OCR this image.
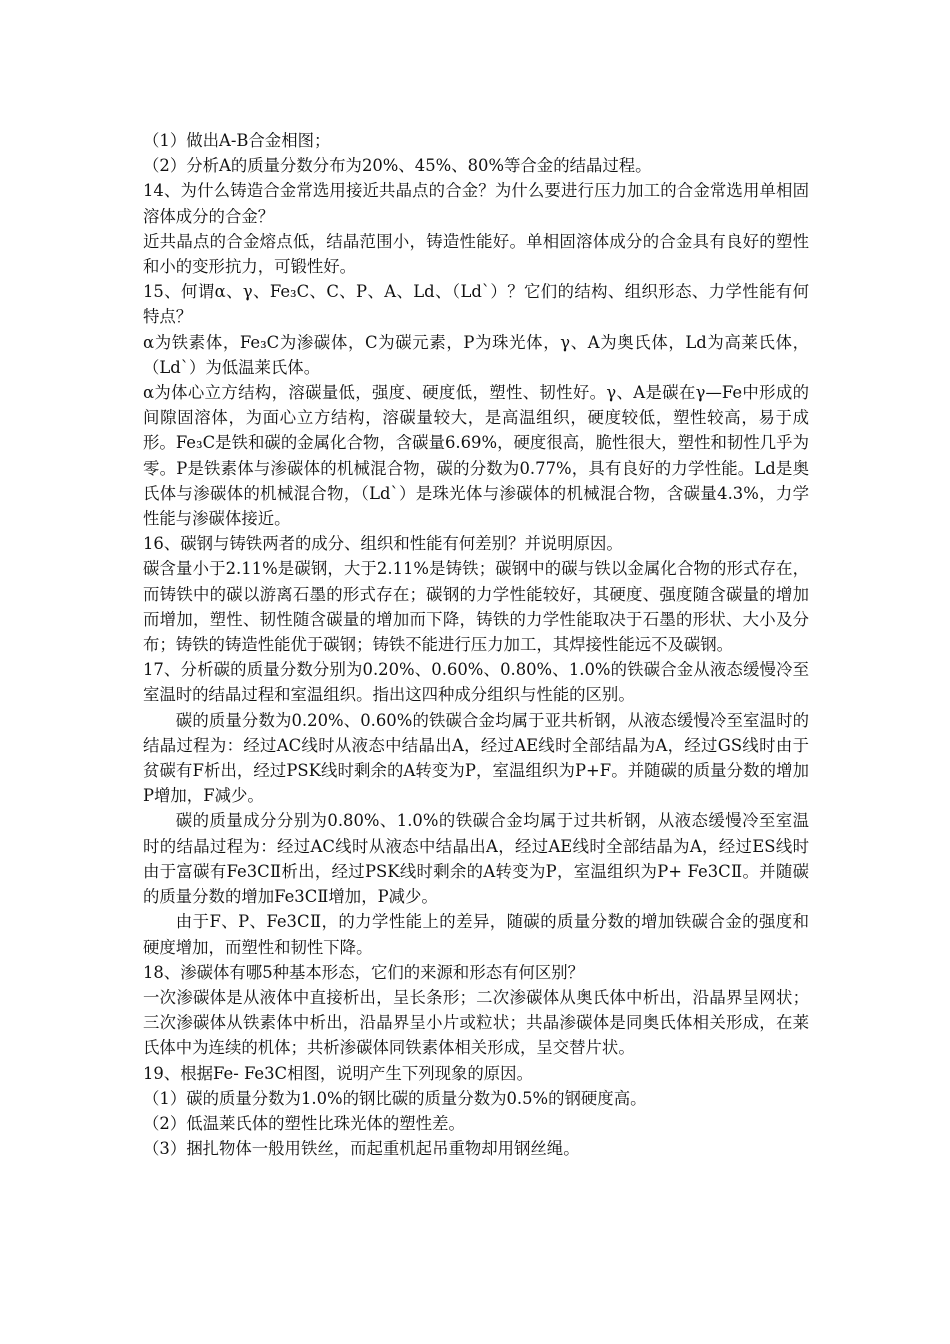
（1）做出A-B合金相图；

（2）分析A的质量分数分布为20%、45%、80%等合金的结晶过程。

14、为什么铸造合金常选用接近共晶点的合金？为什么要进行压力加工的合金常选用单相固溶体成分的合金？

近共晶点的合金熔点低，结晶范围小，铸造性能好。单相固溶体成分的合金具有良好的塑性和小的变形抗力，可锻性好。

15、何谓α、γ、Fe₃C、C、P、A、Ld、（Ld`）？它们的结构、组织形态、力学性能有何特点？

α为铁素体，Fe₃C为渗碳体，C为碳元素，P为珠光体，γ、A为奥氏体，Ld为高莱氏体，（Ld`）为低温莱氏体。

α为体心立方结构，溶碳量低，强度、硬度低，塑性、韧性好。γ、A是碳在γ—Fe中形成的间隙固溶体，为面心立方结构，溶碳量较大，是高温组织，硬度较低，塑性较高，易于成形。Fe₃C是铁和碳的金属化合物，含碳量6.69%，硬度很高，脆性很大，塑性和韧性几乎为零。P是铁素体与渗碳体的机械混合物，碳的分数为0.77%，具有良好的力学性能。Ld是奥氏体与渗碳体的机械混合物，（Ld`）是珠光体与渗碳体的机械混合物，含碳量4.3%，力学性能与渗碳体接近。

16、碳钢与铸铁两者的成分、组织和性能有何差别？并说明原因。

碳含量小于2.11%是碳钢，大于2.11%是铸铁；碳钢中的碳与铁以金属化合物的形式存在，而铸铁中的碳以游离石墨的形式存在；碳钢的力学性能较好，其硬度、强度随含碳量的增加而增加，塑性、韧性随含碳量的增加而下降，铸铁的力学性能取决于石墨的形状、大小及分布；铸铁的铸造性能优于碳钢；铸铁不能进行压力加工，其焊接性能远不及碳钢。

17、分析碳的质量分数分别为0.20%、0.60%、0.80%、1.0%的铁碳合金从液态缓慢冷至室温时的结晶过程和室温组织。指出这四种成分组织与性能的区别。

碳的质量分数为0.20%、0.60%的铁碳合金均属于亚共析钢，从液态缓慢冷至室温时的结晶过程为：经过AC线时从液态中结晶出A，经过AE线时全部结晶为A，经过GS线时由于贫碳有F析出，经过PSK线时剩余的A转变为P，室温组织为P+F。并随碳的质量分数的增加P增加，F减少。

碳的质量成分分别为0.80%、1.0%的铁碳合金均属于过共析钢，从液态缓慢冷至室温时的结晶过程为：经过AC线时从液态中结晶出A，经过AE线时全部结晶为A，经过ES线时由于富碳有Fe3CⅡ析出，经过PSK线时剩余的A转变为P，室温组织为P+ Fe3CⅡ。并随碳的质量分数的增加Fe3CⅡ增加，P减少。

由于F、P、Fe3CⅡ，的力学性能上的差异，随碳的质量分数的增加铁碳合金的强度和硬度增加，而塑性和韧性下降。

18、渗碳体有哪5种基本形态，它们的来源和形态有何区别？

一次渗碳体是从液体中直接析出，呈长条形；二次渗碳体从奥氏体中析出，沿晶界呈网状；三次渗碳体从铁素体中析出，沿晶界呈小片或粒状；共晶渗碳体是同奥氏体相关形成，在莱氏体中为连续的机体；共析渗碳体同铁素体相关形成，呈交替片状。

19、根据Fe- Fe3C相图，说明产生下列现象的原因。

（1）碳的质量分数为1.0%的钢比碳的质量分数为0.5%的钢硬度高。

（2）低温莱氏体的塑性比珠光体的塑性差。

（3）捆扎物体一般用铁丝，而起重机起吊重物却用钢丝绳。
